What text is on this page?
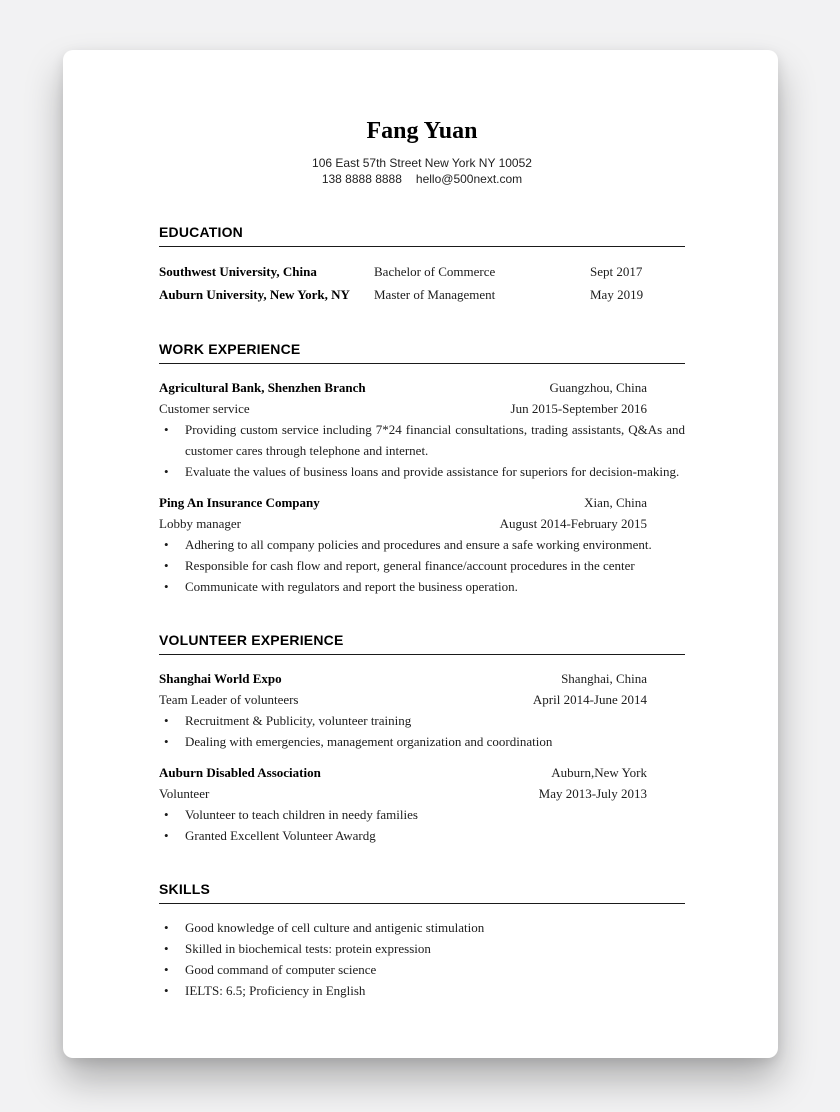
Fang Yuan
106 East 57th Street New York NY 10052
138 8888 8888 hello@500next.com
EDUCATION
Southwest University, China	Bachelor of Commerce	Sept 2017
Auburn University, New York, NY	Master of Management	May 2019
WORK EXPERIENCE
Agricultural Bank, Shenzhen Branch	Guangzhou, China
Customer service	Jun 2015-September 2016
• Providing custom service including 7*24 financial consultations, trading assistants, Q&As and customer cares through telephone and internet.
• Evaluate the values of business loans and provide assistance for superiors for decision-making.
Ping An Insurance Company	Xian, China
Lobby manager	August 2014-February 2015
• Adhering to all company policies and procedures and ensure a safe working environment.
• Responsible for cash flow and report, general finance/account procedures in the center
• Communicate with regulators and report the business operation.
VOLUNTEER EXPERIENCE
Shanghai World Expo	Shanghai, China
Team Leader of volunteers	April 2014-June 2014
• Recruitment & Publicity, volunteer training
• Dealing with emergencies, management organization and coordination
Auburn Disabled Association	Auburn,New York
Volunteer	May 2013-July 2013
• Volunteer to teach children in needy families
• Granted Excellent Volunteer Awardg
SKILLS
• Good knowledge of cell culture and antigenic stimulation
• Skilled in biochemical tests: protein expression
• Good command of computer science
• IELTS: 6.5; Proficiency in English
